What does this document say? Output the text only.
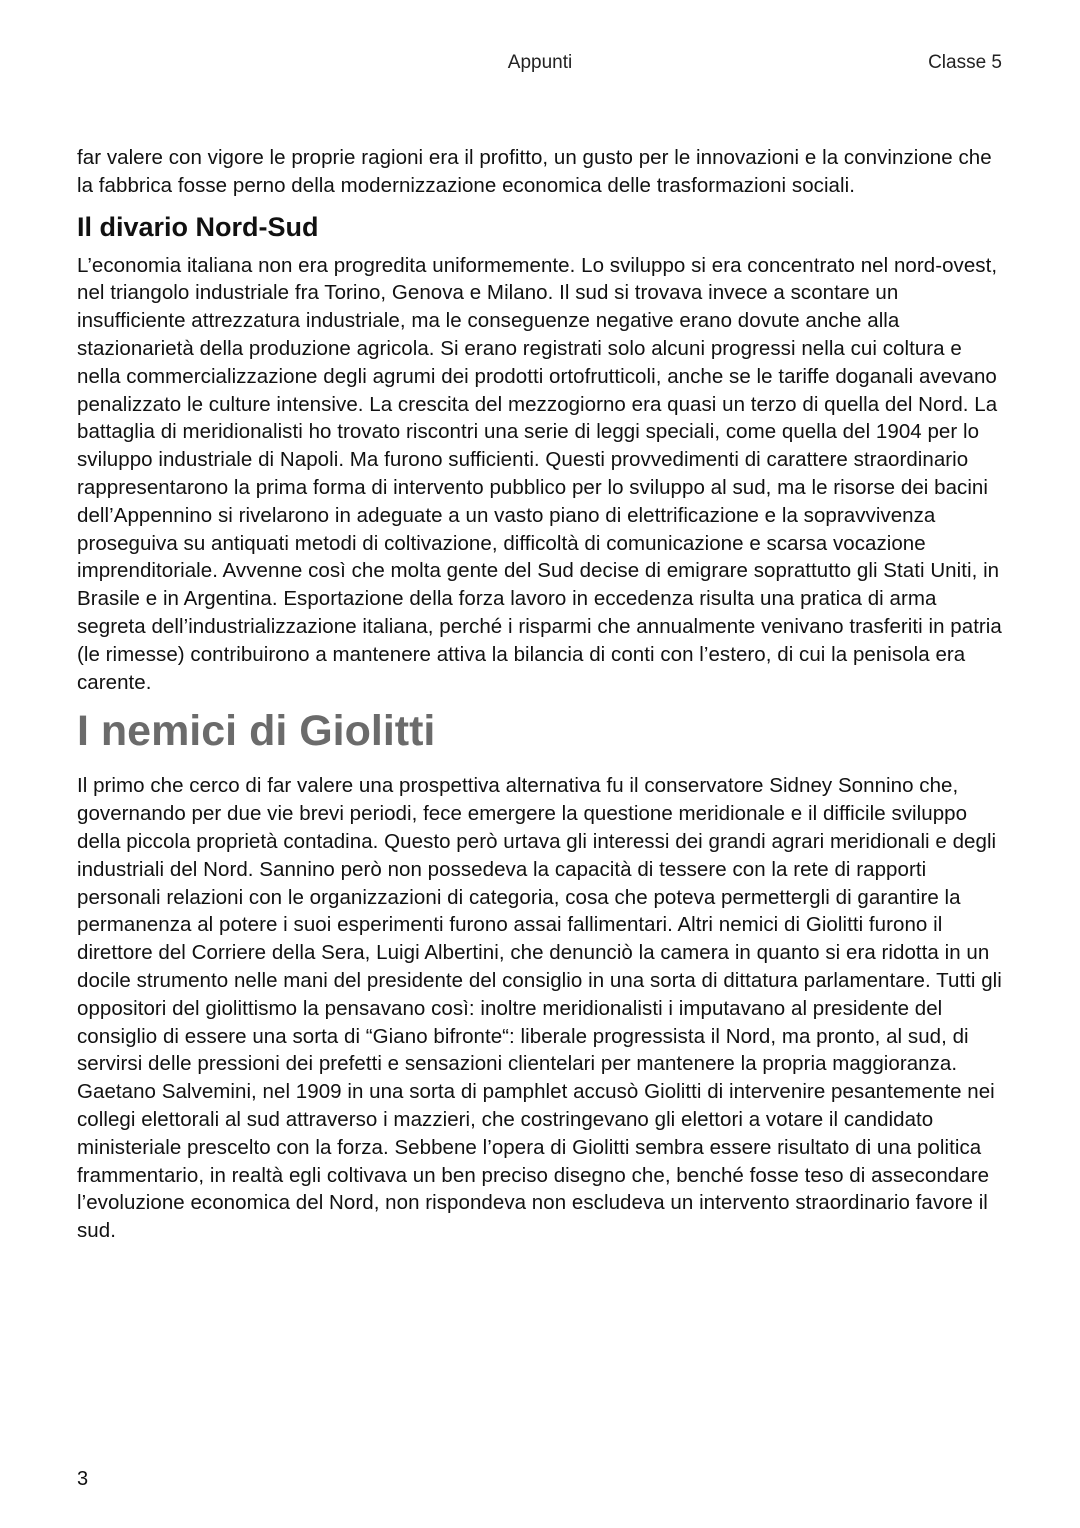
Appunti	Classe 5

far valere con vigore le proprie ragioni era il profitto, un gusto per le innovazioni e la convinzione che la fabbrica fosse perno della modernizzazione economica delle trasformazioni sociali.

Il divario Nord-Sud

L’economia italiana non era progredita uniformemente. Lo sviluppo si era concentrato nel nord-ovest, nel triangolo industriale fra Torino, Genova e Milano. Il sud si trovava invece a scontare un insufficiente attrezzatura industriale, ma le conseguenze negative erano dovute anche alla stazionarietà della produzione agricola. Si erano registrati solo alcuni progressi nella cui coltura e nella commercializzazione degli agrumi dei prodotti ortofrutticoli, anche se le tariffe doganali avevano penalizzato le culture intensive. La crescita del mezzogiorno era quasi un terzo di quella del Nord. La battaglia di meridionalisti ho trovato riscontri una serie di leggi speciali, come quella del 1904 per lo sviluppo industriale di Napoli. Ma furono sufficienti. Questi provvedimenti di carattere straordinario rappresentarono la prima forma di intervento pubblico per lo sviluppo al sud, ma le risorse dei bacini dell’Appennino si rivelarono in adeguate a un vasto piano di elettrificazione e la sopravvivenza proseguiva su antiquati metodi di coltivazione, difficoltà di comunicazione e scarsa vocazione imprenditoriale. Avvenne così che molta gente del Sud decise di emigrare soprattutto gli Stati Uniti, in Brasile e in Argentina. Esportazione della forza lavoro in eccedenza risulta una pratica di arma segreta dell’industrializzazione italiana, perché i risparmi che annualmente venivano trasferiti in patria (le rimesse) contribuirono a mantenere attiva la bilancia di conti con l’estero, di cui la penisola era carente.

I nemici di Giolitti

Il primo che cerco di far valere una prospettiva alternativa fu il conservatore Sidney Sonnino che, governando per due vie brevi periodi, fece emergere la questione meridionale e il difficile sviluppo della piccola proprietà contadina. Questo però urtava gli interessi dei grandi agrari meridionali e degli industriali del Nord. Sannino però non possedeva la capacità di tessere con la rete di rapporti personali relazioni con le organizzazioni di categoria, cosa che poteva permettergli di garantire la permanenza al potere i suoi esperimenti furono assai fallimentari. Altri nemici di Giolitti furono il direttore del Corriere della Sera, Luigi Albertini, che denunciò la camera in quanto si era ridotta in un docile strumento nelle mani del presidente del consiglio in una sorta di dittatura parlamentare. Tutti gli oppositori del giolittismo la pensavano così: inoltre meridionalisti i imputavano al presidente del consiglio di essere una sorta di “Giano bifronte“: liberale progressista il Nord, ma pronto, al sud, di servirsi delle pressioni dei prefetti e sensazioni clientelari per mantenere la propria maggioranza. Gaetano Salvemini, nel 1909 in una sorta di pamphlet accusò Giolitti di intervenire pesantemente nei collegi elettorali al sud attraverso i mazzieri, che costringevano gli elettori a votare il candidato ministeriale prescelto con la forza. Sebbene l’opera di Giolitti sembra essere risultato di una politica frammentario, in realtà egli coltivava un ben preciso disegno che, benché fosse teso di assecondare l’evoluzione economica del Nord, non rispondeva non escludeva un intervento straordinario favore il sud.

3
